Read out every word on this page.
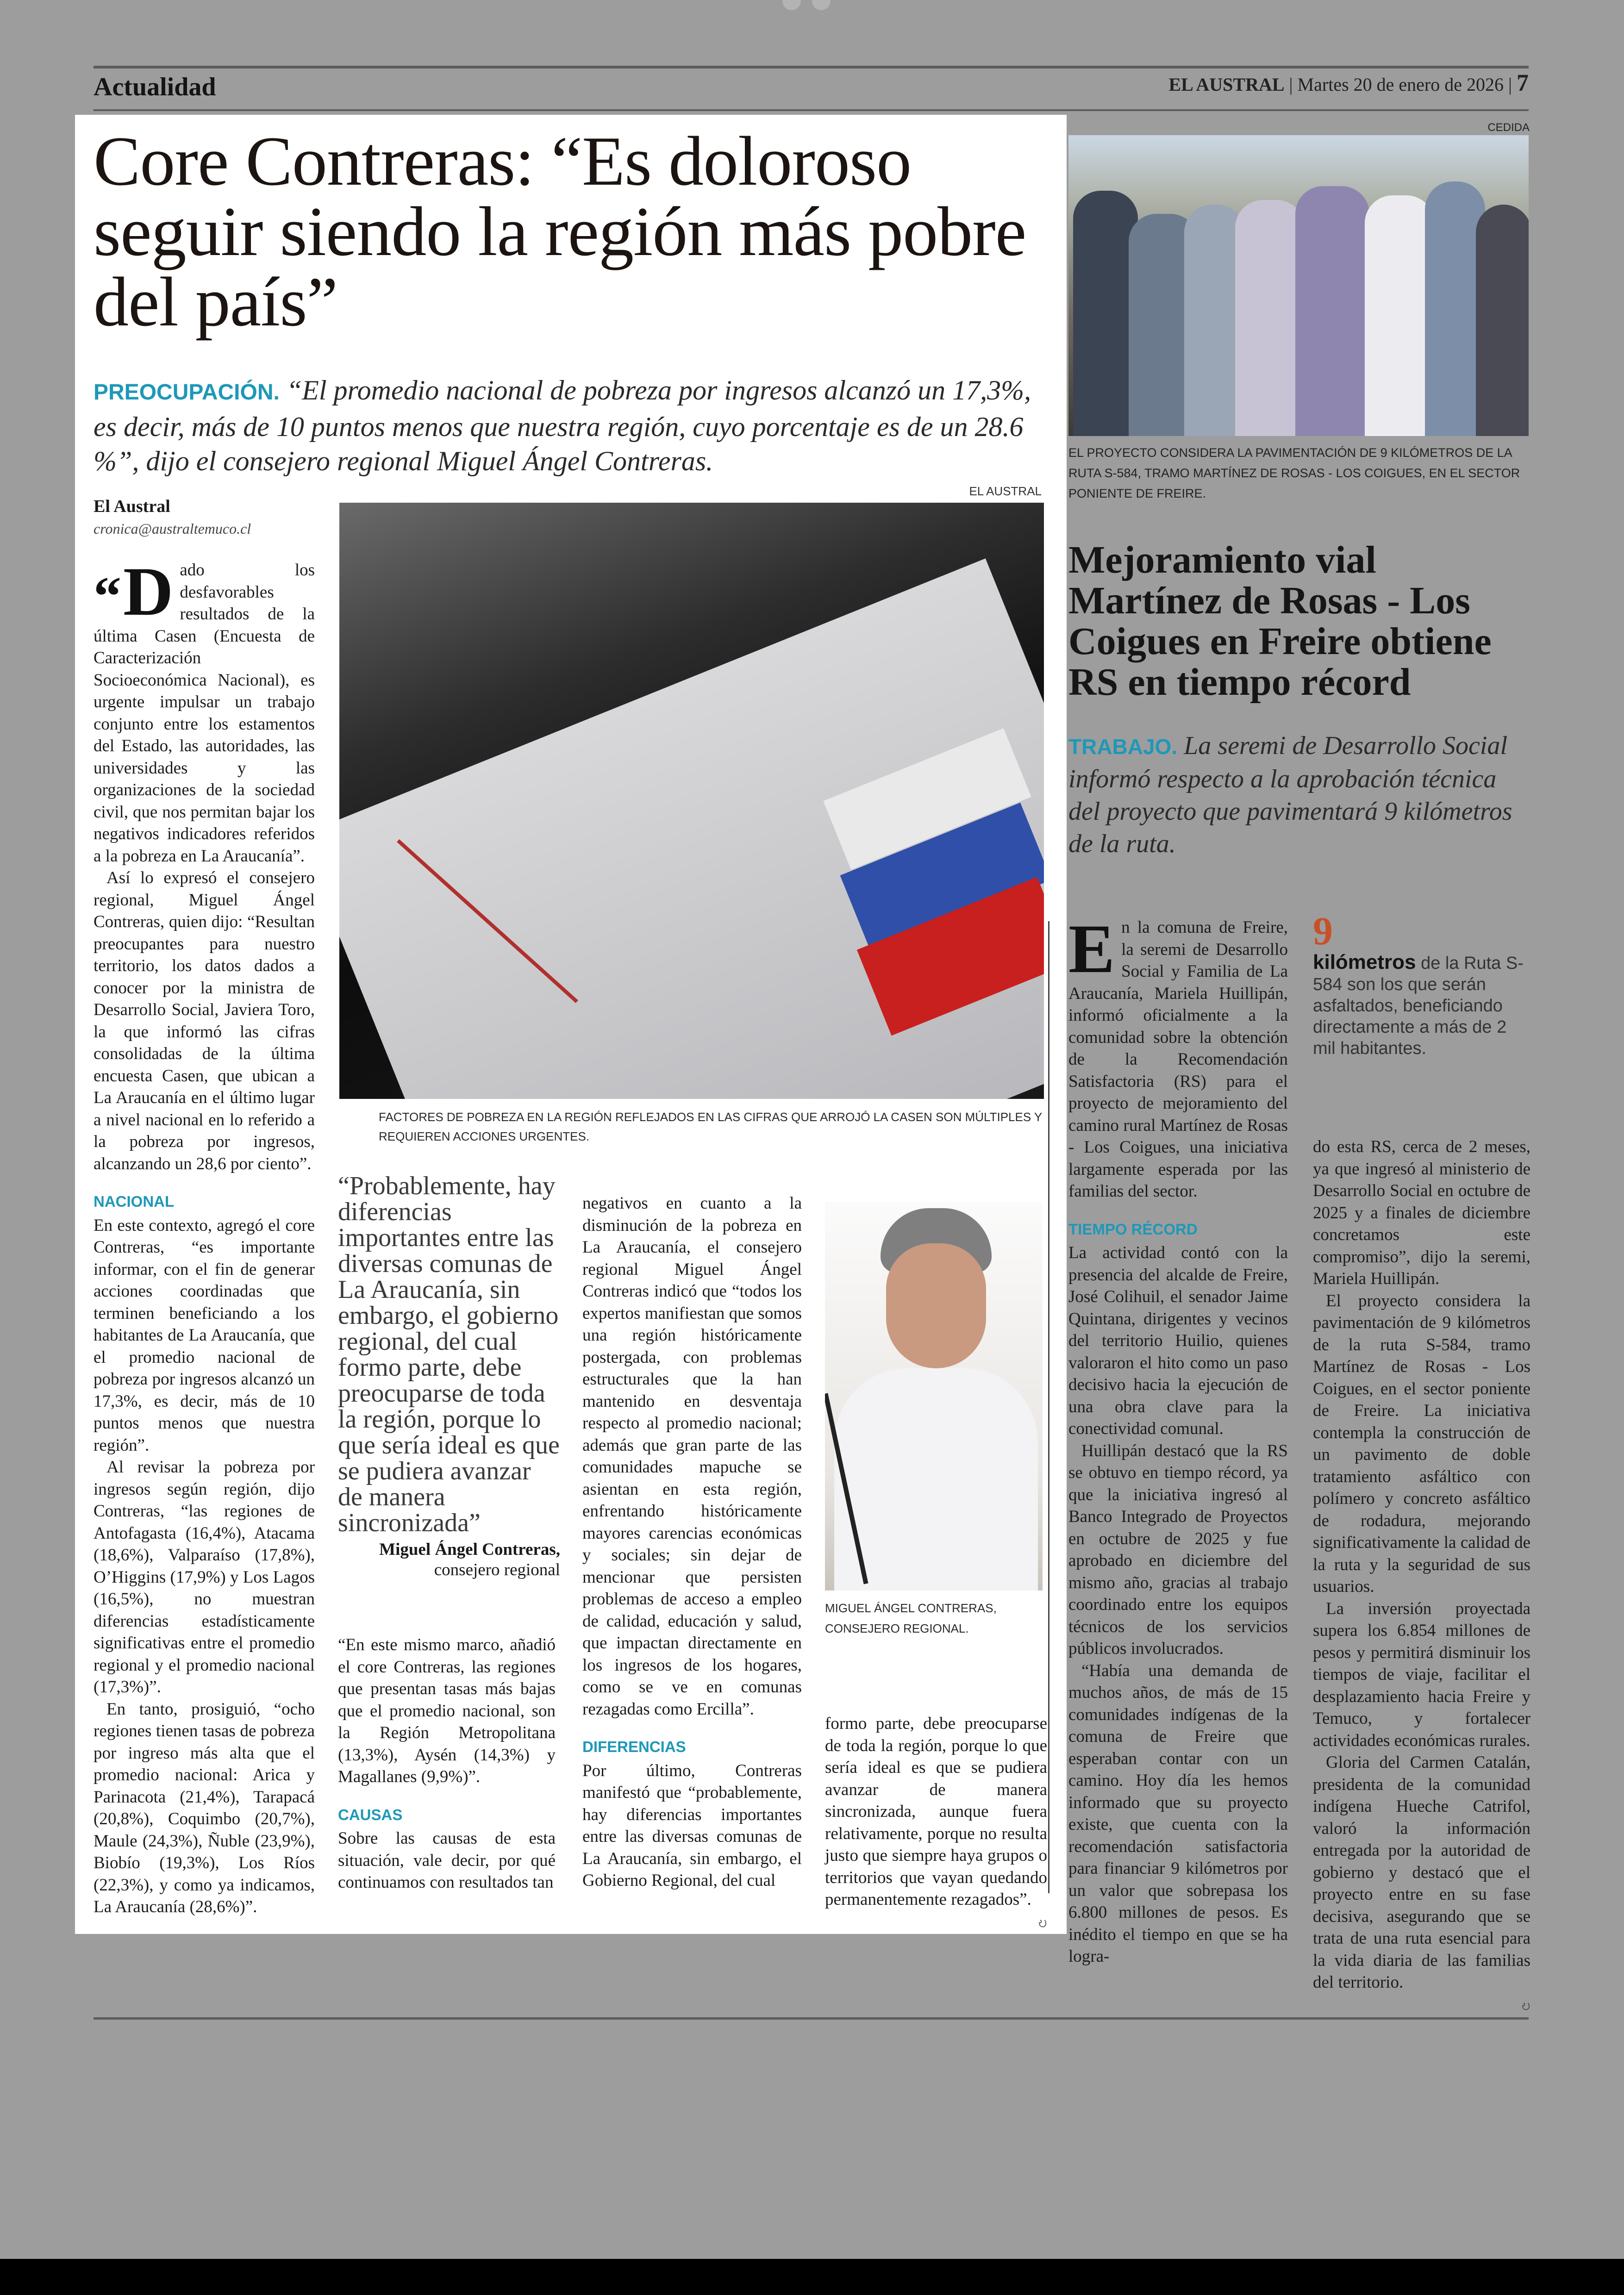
Actualidad	EL AUSTRAL | Martes 20 de enero de 2026 | 7
Core Contreras: “Es doloroso seguir siendo la región más pobre del país”
PREOCUPACIÓN. “El promedio nacional de pobreza por ingresos alcanzó un 17,3%, es decir, más de 10 puntos menos que nuestra región, cuyo porcentaje es de un 28.6 %”, dijo el consejero regional Miguel Ángel Contreras.
EL AUSTRAL
El Austral
cronica@australtemuco.cl
FACTORES DE POBREZA EN LA REGIÓN REFLEJADOS EN LAS CIFRAS QUE ARROJÓ LA CASEN SON MÚLTIPLES Y REQUIEREN ACCIONES URGENTES.

“D ado los desfavorables resultados de la última Casen (Encuesta de Caracterización Socioeconómica Nacional), es urgente impulsar un trabajo conjunto entre los estamentos del Estado, las autoridades, las universidades y las organizaciones de la sociedad civil, que nos permitan bajar los negativos indicadores referidos a la pobreza en La Araucanía”.

Así lo expresó el consejero regional, Miguel Ángel Contreras, quien dijo: “Resultan preocupantes para nuestro territorio, los datos dados a conocer por la ministra de Desarrollo Social, Javiera Toro, la que informó las cifras consolidadas de la última encuesta Casen, que ubican a La Araucanía en el último lugar a nivel nacional en lo referido a la pobreza por ingresos, alcanzando un 28,6 por ciento”.

NACIONAL

En este contexto, agregó el core Contreras, “es importante informar, con el fin de generar acciones coordinadas que terminen beneficiando a los habitantes de La Araucanía, que el promedio nacional de pobreza por ingresos alcanzó un 17,3%, es decir, más de 10 puntos menos que nuestra región”.

Al revisar la pobreza por ingresos según región, dijo Contreras, “las regiones de Antofagasta (16,4%), Atacama (18,6%), Valparaíso (17,8%), O’Higgins (17,9%) y Los Lagos (16,5%), no muestran diferencias estadísticamente significativas entre el promedio regional y el promedio nacional (17,3%)”.

En tanto, prosiguió, “ocho regiones tienen tasas de pobreza por ingreso más alta que el promedio nacional: Arica y Parinacota (21,4%), Tarapacá (20,8%), Coquimbo (20,7%), Maule (24,3%), Ñuble (23,9%), Biobío (19,3%), Los Ríos (22,3%), y como ya indicamos, La Araucanía (28,6%)”.

“Probablemente, hay diferencias importantes entre las diversas comunas de La Araucanía, sin embargo, el gobierno regional, del cual formo parte, debe preocuparse de toda la región, porque lo que sería ideal es que se pudiera avanzar de manera sincronizada”
Miguel Ángel Contreras,
consejero regional

“En este mismo marco, añadió el core Contreras, las regiones que presentan tasas más bajas que el promedio nacional, son la Región Metropolitana (13,3%), Aysén (14,3%) y Magallanes (9,9%)”.

CAUSAS

Sobre las causas de esta situación, vale decir, por qué continuamos con resultados tan

negativos en cuanto a la disminución de la pobreza en La Araucanía, el consejero regional Miguel Ángel Contreras indicó que “todos los expertos manifiestan que somos una región históricamente postergada, con problemas estructurales que la han mantenido en desventaja respecto al promedio nacional; además que gran parte de las comunidades mapuche se asientan en esta región, enfrentando históricamente mayores carencias económicas y sociales; sin dejar de mencionar que persisten problemas de acceso a empleo de calidad, educación y salud, que impactan directamente en los ingresos de los hogares, como se ve en comunas rezagadas como Ercilla”.

DIFERENCIAS

Por último, Contreras manifestó que “probablemente, hay diferencias importantes entre las diversas comunas de La Araucanía, sin embargo, el Gobierno Regional, del cual

MIGUEL ÁNGEL CONTRERAS, CONSEJERO REGIONAL.

formo parte, debe preocuparse de toda la región, porque lo que sería ideal es que se pudiera avanzar de manera sincronizada, aunque fuera relativamente, porque no resulta justo que siempre haya grupos o territorios que vayan quedando permanentemente rezagados”.

ဎ
CEDIDA
EL PROYECTO CONSIDERA LA PAVIMENTACIÓN DE 9 KILÓMETROS DE LA RUTA S-584, TRAMO MARTÍNEZ DE ROSAS - LOS COIGUES, EN EL SECTOR PONIENTE DE FREIRE.
Mejoramiento vial Martínez de Rosas - Los Coigues en Freire obtiene RS en tiempo récord
TRABAJO. La seremi de Desarrollo Social informó respecto a la aprobación técnica del proyecto que pavimentará 9 kilómetros de la ruta.

En la comuna de Freire, la seremi de Desarrollo Social y Familia de La Araucanía, Mariela Huillipán, informó oficialmente a la comunidad sobre la obtención de la Recomendación Satisfactoria (RS) para el proyecto de mejoramiento del camino rural Martínez de Rosas - Los Coigues, una iniciativa largamente esperada por las familias del sector.

TIEMPO RÉCORD

La actividad contó con la presencia del alcalde de Freire, José Colihuil, el senador Jaime Quintana, dirigentes y vecinos del territorio Huilio, quienes valoraron el hito como un paso decisivo hacia la ejecución de una obra clave para la conectividad comunal.

Huillipán destacó que la RS se obtuvo en tiempo récord, ya que la iniciativa ingresó al Banco Integrado de Proyectos en octubre de 2025 y fue aprobado en diciembre del mismo año, gracias al trabajo coordinado entre los equipos técnicos de los servicios públicos involucrados.

“Había una demanda de muchos años, de más de 15 comunidades indígenas de la comuna de Freire que esperaban contar con un camino. Hoy día les hemos informado que su proyecto existe, que cuenta con la recomendación satisfactoria para financiar 9 kilómetros por un valor que sobrepasa los 6.800 millones de pesos. Es inédito el tiempo en que se ha logra-

9
kilómetros de la Ruta S-584 son los que serán asfaltados, beneficiando directamente a más de 2 mil habitantes.

do esta RS, cerca de 2 meses, ya que ingresó al ministerio de Desarrollo Social en octubre de 2025 y a finales de diciembre concretamos este compromiso”, dijo la seremi, Mariela Huillipán.

El proyecto considera la pavimentación de 9 kilómetros de la ruta S-584, tramo Martínez de Rosas - Los Coigues, en el sector poniente de Freire. La iniciativa contempla la construcción de un pavimento de doble tratamiento asfáltico con polímero y concreto asfáltico de rodadura, mejorando significativamente la calidad de la ruta y la seguridad de sus usuarios.

La inversión proyectada supera los 6.854 millones de pesos y permitirá disminuir los tiempos de viaje, facilitar el desplazamiento hacia Freire y Temuco, y fortalecer actividades económicas rurales.

Gloria del Carmen Catalán, presidenta de la comunidad indígena Hueche Catrifol, valoró la información entregada por la autoridad de gobierno y destacó que el proyecto entre en su fase decisiva, asegurando que se trata de una ruta esencial para la vida diaria de las familias del territorio.

ဎ
